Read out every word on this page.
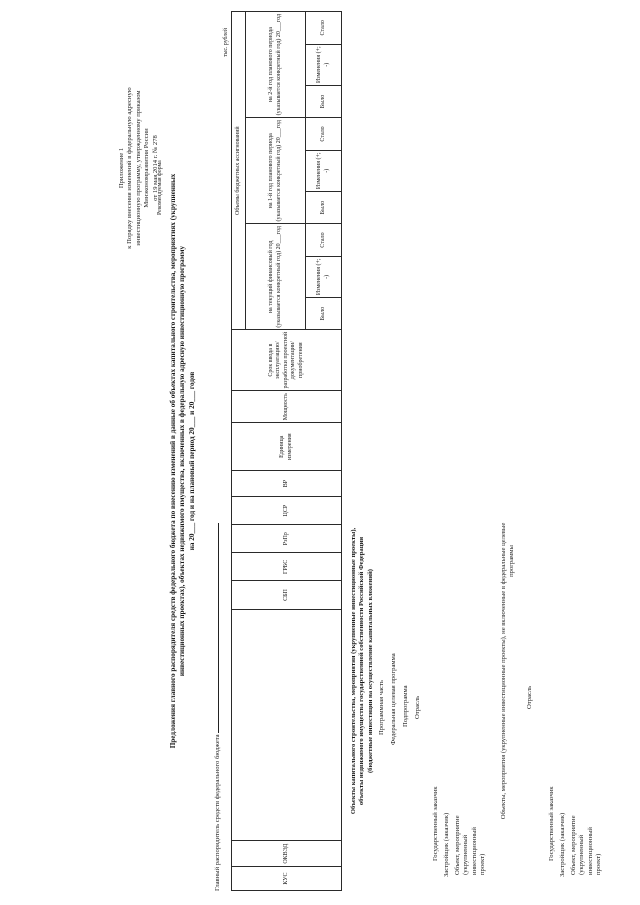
Приложение 1 к Порядку внесения изменений в федеральную адресную инвестиционную программу, утвержденному приказом Минэкономразвития России от 19 мая 2014 г. № 278
Рекомендуемая форма Предложения главного распорядителя средств федерального бюджета по внесению изменений в данные об объектах капитального строительства, мероприятиях (укрупненных инвестиционных проектах), объектах недвижимого имущества, включенных в федеральную адресную инвестиционную программу на 20___ год и на плановый период 20___ и 20___ годов
Главный распорядитель средств федерального бюджета
тыс. рублей
КУС	ОКВЭД		СБП	ГРБС	РзПр	ЦСР	ВР	Единица измерения	Мощность	Срок ввода в эксплуатацию/ разработки проектной документации/ приобретения	Объемы бюджетных ассигнований								
											на текущий финансовый год (указывается конкретный год) 20___год			на 1-й год планового периода (указывается конкретный год) 20___год			на 2-й год планового периода (указывается конкретный год) 20___год		
											Было	Изменения (+; -)	Стало	Было	Изменения (+; -)	Стало	Было	Изменения (+; -)	Стало
Объекты капитального строительства, мероприятия (укрупненные инвестиционные проекты), объекты недвижимого имущества государственной собственности Российской Федерации (бюджетные инвестиции на осуществление капитальных вложений) Программная часть Федеральная целевая программа Подпрограмма Отрасль
Государственный заказчик Застройщик (заказчик) Объект, мероприятие (укрупненный инвестиционный проект)
Объекты, мероприятия (укрупненные инвестиционные проекты), не включенные в федеральные целевые программы
Отрасль
Государственный заказчик Застройщик (заказчик) Объект, мероприятие (укрупненный инвестиционный проект)
